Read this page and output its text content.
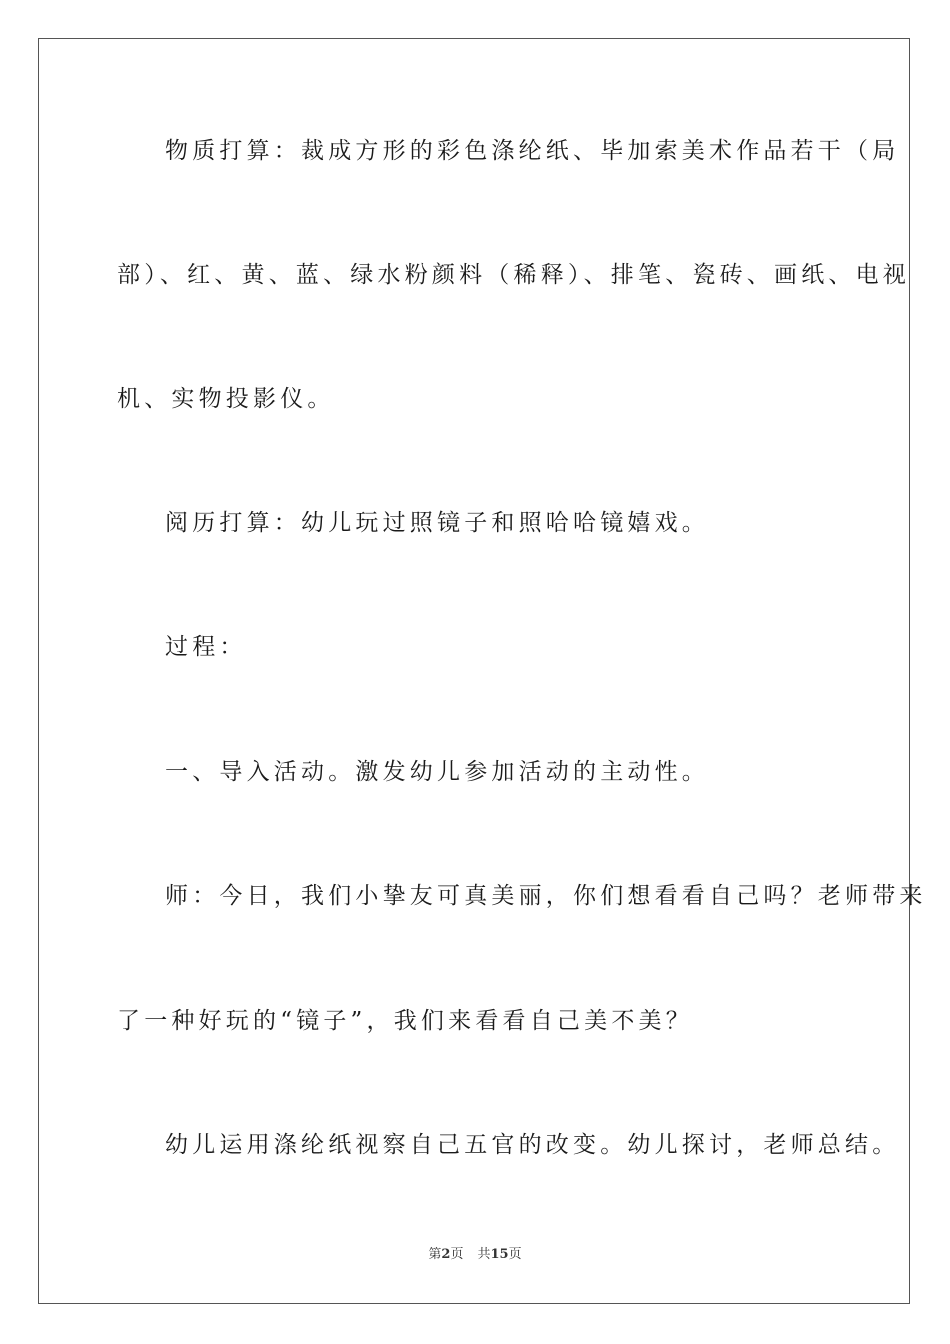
物质打算：裁成方形的彩色涤纶纸、毕加索美术作品若干（局
部）、红、黄、蓝、绿水粉颜料（稀释）、排笔、瓷砖、画纸、电视
机、实物投影仪。
阅历打算：幼儿玩过照镜子和照哈哈镜嬉戏。
过程：
一、导入活动。激发幼儿参加活动的主动性。
师：今日，我们小挚友可真美丽，你们想看看自己吗？老师带来
了一种好玩的“镜子”，我们来看看自己美不美？
幼儿运用涤纶纸视察自己五官的改变。幼儿探讨，老师总结。
第2页 共15页
